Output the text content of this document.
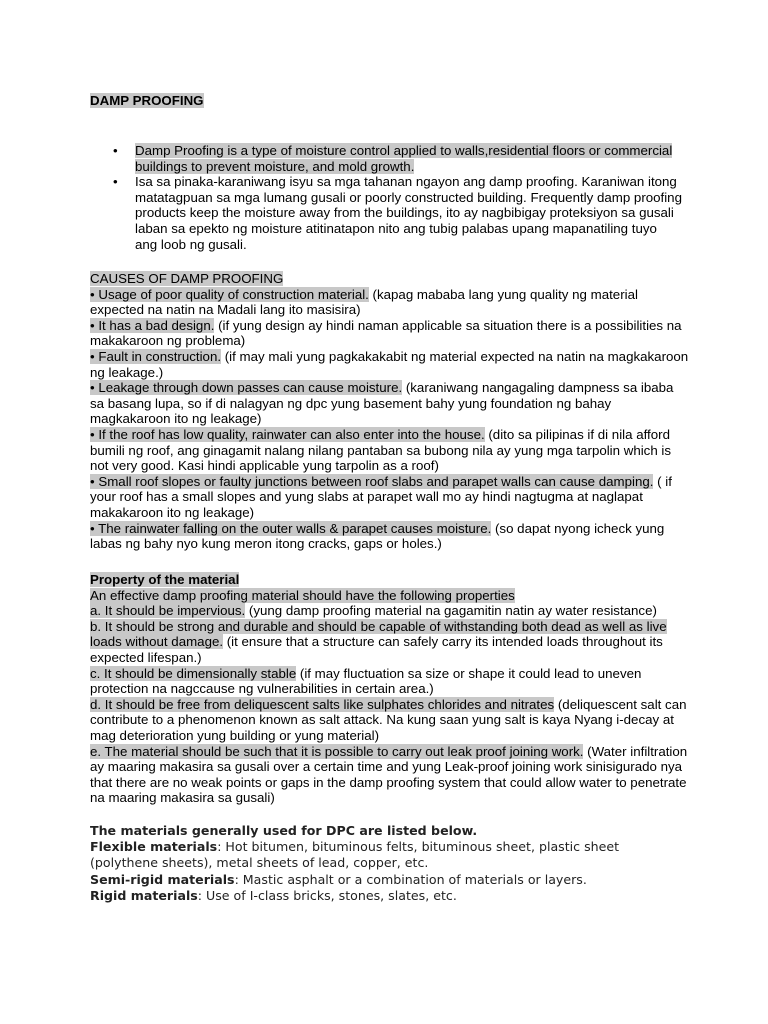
DAMP PROOFING
• Damp Proofing is a type of moisture control applied to walls,residential floors or commercial buildings to prevent moisture, and mold growth.
• Isa sa pinaka-karaniwang isyu sa mga tahanan ngayon ang damp proofing. Karaniwan itong matatagpuan sa mga lumang gusali or poorly constructed building. Frequently damp proofing products keep the moisture away from the buildings, ito ay nagbibigay proteksiyon sa gusali laban sa epekto ng moisture atitinatapon nito ang tubig palabas upang mapanatiling tuyo ang loob ng gusali.

CAUSES OF DAMP PROOFING

• Usage of poor quality of construction material. (kapag mababa lang yung quality ng material expected na natin na Madali lang ito masisira)

• It has a bad design. (if yung design ay hindi naman applicable sa situation there is a possibilities na makakaroon ng problema)

• Fault in construction. (if may mali yung pagkakakabit ng material expected na natin na magkakaroon ng leakage.)

• Leakage through down passes can cause moisture. (karaniwang nangagaling dampness sa ibaba sa basang lupa, so if di nalagyan ng dpc yung basement bahy yung foundation ng bahay magkakaroon ito ng leakage)

• If the roof has low quality, rainwater can also enter into the house. (dito sa pilipinas if di nila afford bumili ng roof, ang ginagamit nalang nilang pantaban sa bubong nila ay yung mga tarpolin which is not very good. Kasi hindi applicable yung tarpolin as a roof)

• Small roof slopes or faulty junctions between roof slabs and parapet walls can cause damping. ( if your roof has a small slopes and yung slabs at parapet wall mo ay hindi nagtugma at naglapat makakaroon ito ng leakage)

• The rainwater falling on the outer walls & parapet causes moisture. (so dapat nyong icheck yung labas ng bahy nyo kung meron itong cracks, gaps or holes.)

Property of the material

An effective damp proofing material should have the following properties

a. It should be impervious. (yung damp proofing material na gagamitin natin ay water resistance)

b. It should be strong and durable and should be capable of withstanding both dead as well as live loads without damage. (it ensure that a structure can safely carry its intended loads throughout its expected lifespan.)

c. It should be dimensionally stable (if may fluctuation sa size or shape it could lead to uneven protection na nagccause ng vulnerabilities in certain area.)

d. It should be free from deliquescent salts like sulphates chlorides and nitrates (deliquescent salt can contribute to a phenomenon known as salt attack. Na kung saan yung salt is kaya Nyang i-decay at mag deterioration yung building or yung material)

e. The material should be such that it is possible to carry out leak proof joining work. (Water infiltration ay maaring makasira sa gusali over a certain time and yung Leak-proof joining work sinisigurado nya that there are no weak points or gaps in the damp proofing system that could allow water to penetrate na maaring makasira sa gusali)

The materials generally used for DPC are listed below.

Flexible materials: Hot bitumen, bituminous felts, bituminous sheet, plastic sheet (polythene sheets), metal sheets of lead, copper, etc.

Semi-rigid materials: Mastic asphalt or a combination of materials or layers.

Rigid materials: Use of I-class bricks, stones, slates, etc.
